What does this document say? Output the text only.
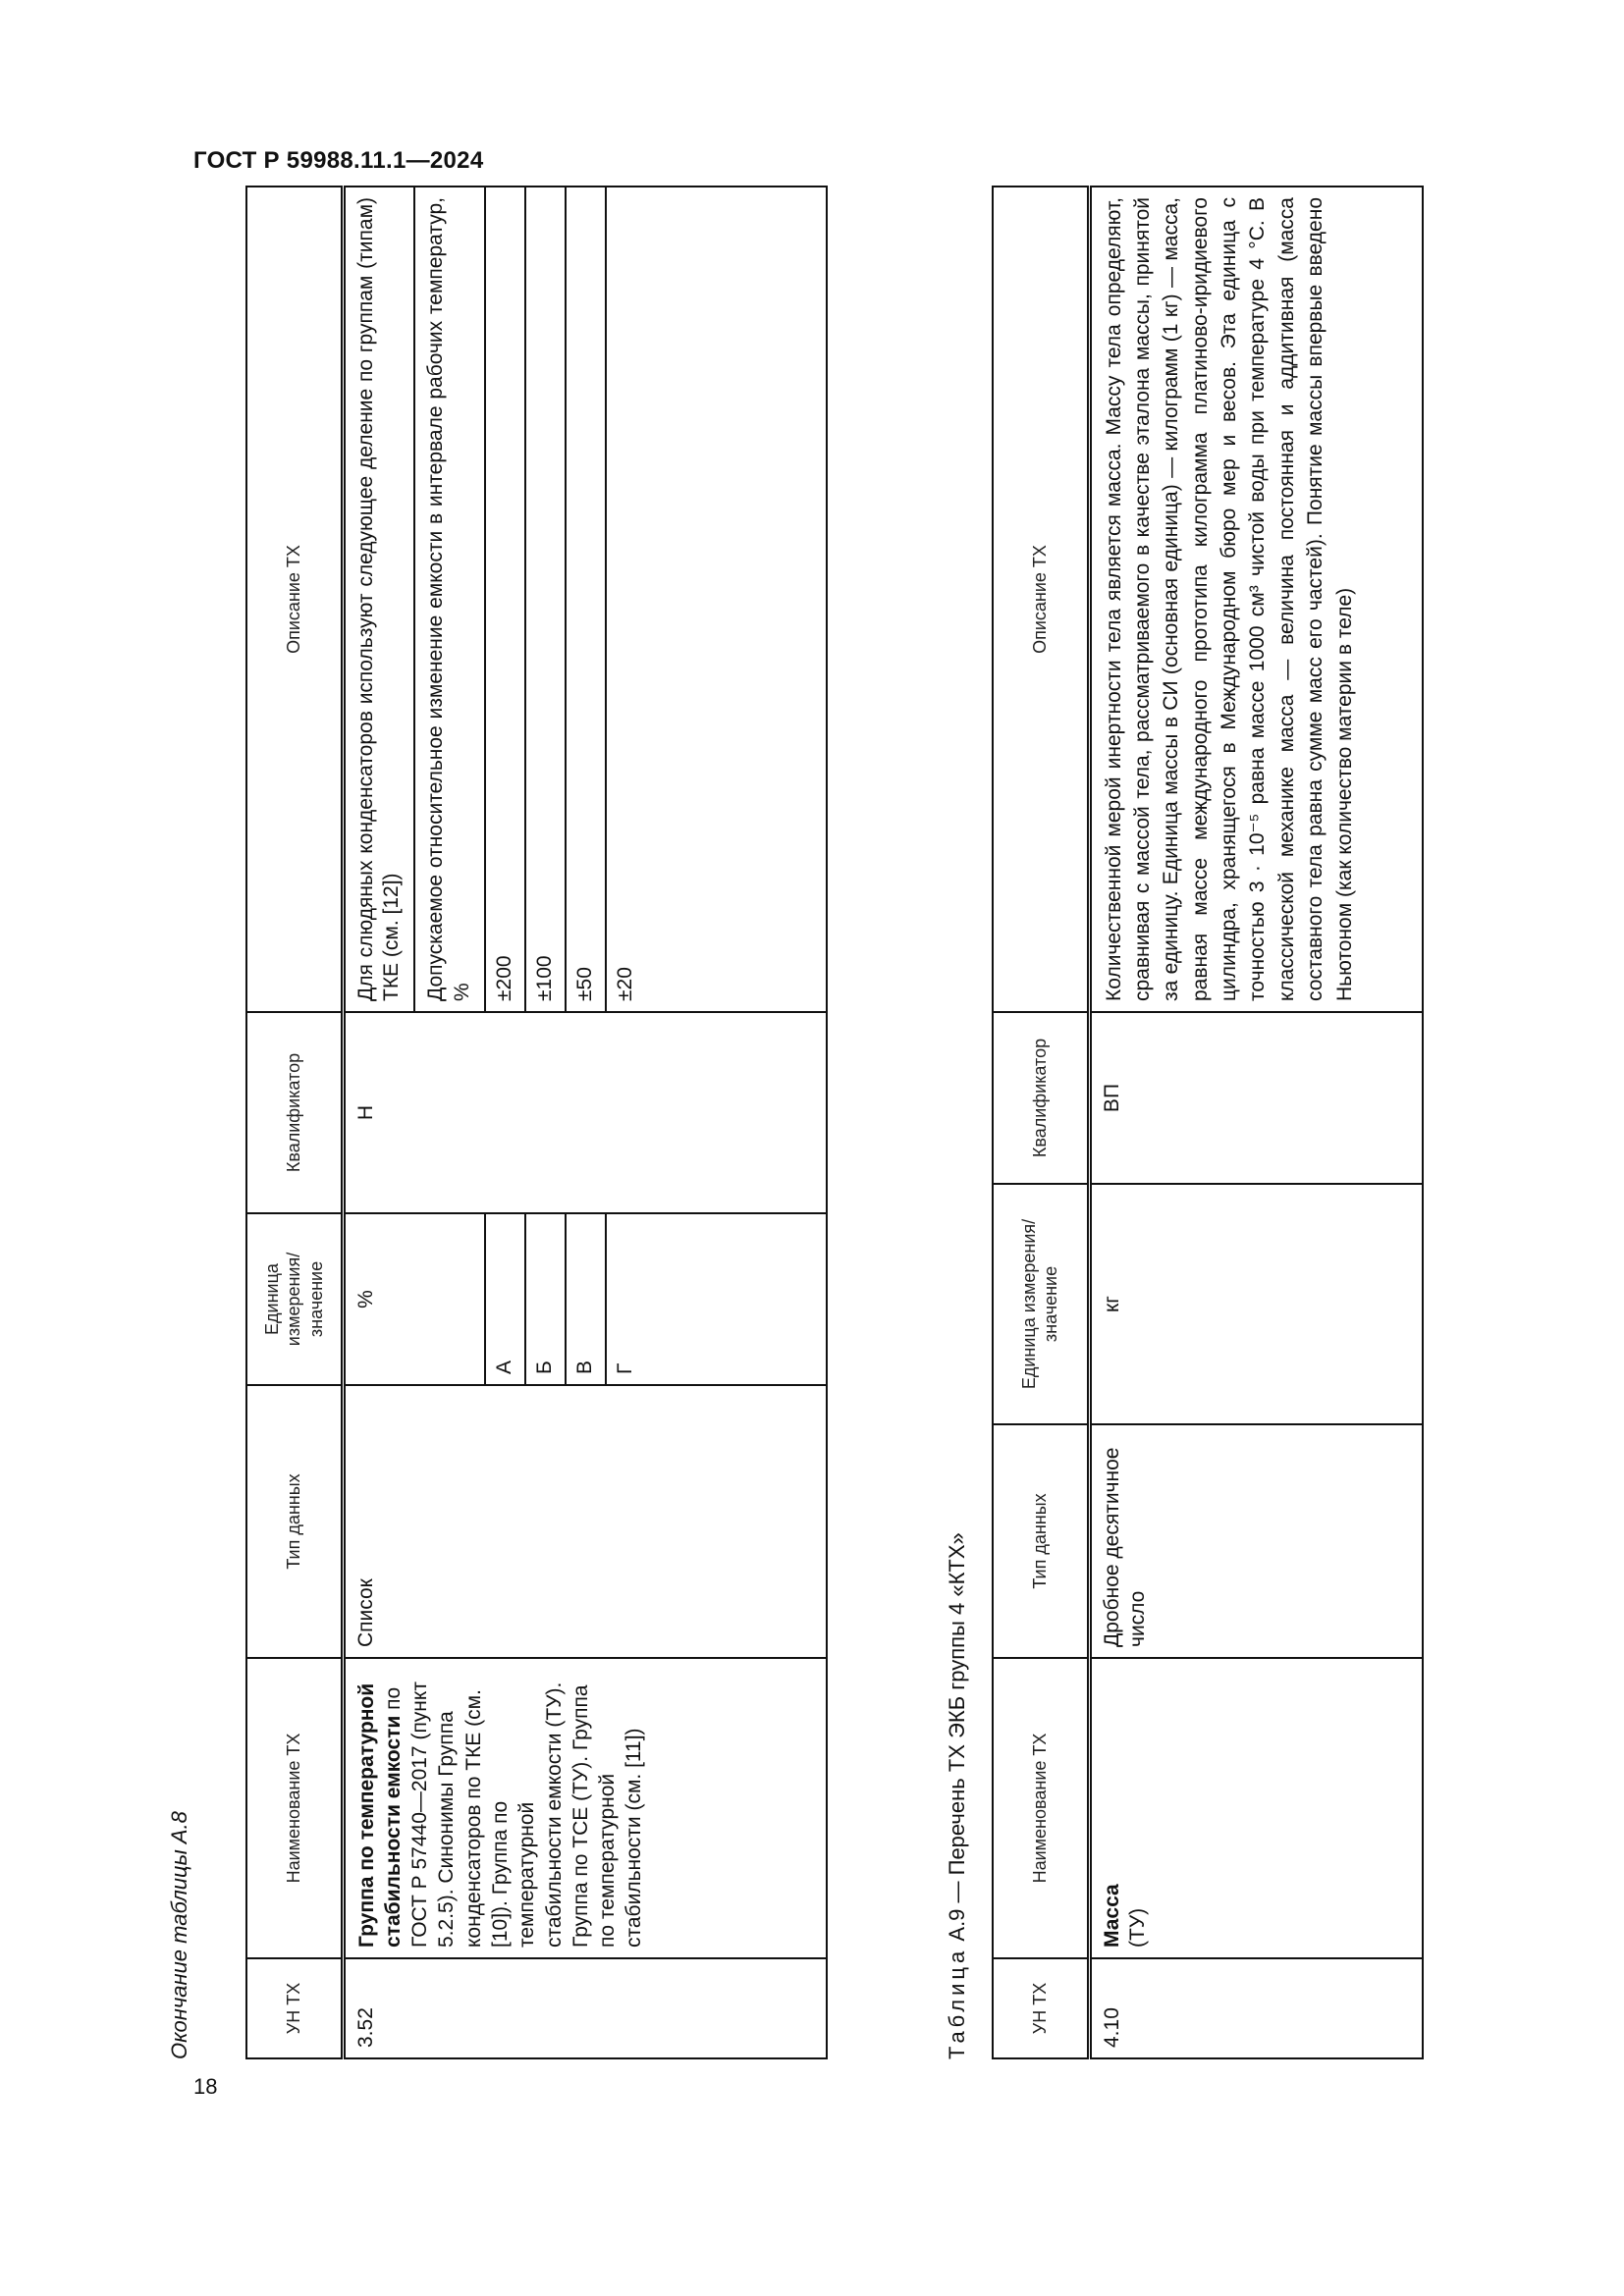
ГОСТ Р 59988.11.1—2024
18
Окончание таблицы А.8	УН ТХ	Наименование ТХ	Тип данных	Единица измерения/ значение	Квалификатор	Описание ТХ
3.52	Группа по температурной стабильности емкости по ГОСТ Р 57440—2017 (пункт 5.2.5). Синонимы Группа конденсаторов по ТКЕ (см. [10]). Группа по температурной стабильности емкости (ТУ). Группа по ТСЕ (ТУ). Группа по температурной стабильности (см. [11])	Список	%	Н	Для слюдяных конденсаторов используют следующее деление по группам (типам) ТКЕ (см. [12])
					Допускаемое относительное изменение емкости в интервале рабочих температур, %
			А		±200
			Б		±100
			В		±50
			Г		±20
Таблица А.9 — Перечень ТХ ЭКБ группы 4 «КТХ»
УН ТХ	Наименование ТХ	Тип данных	Единица измерения/ значение	Квалификатор	Описание ТХ
4.10	Масса (ТУ)	Дробное десятичное число	кг	ВП	Количественной мерой инертности тела является масса. Массу тела определяют, сравнивая с массой тела, рассматриваемого в качестве эталона массы, принятой за единицу. Единица массы в СИ (основная единица) — килограмм (1 кг) — масса, равная массе международного прототипа килограмма платиново-иридиевого цилиндра, хранящегося в Международном бюро мер и весов. Эта единица с точностью 3 · 10⁻⁵ равна массе 1000 см³ чистой воды при температуре 4 °С. В классической механике масса — величина постоянная и аддитивная (масса составного тела равна сумме масс его частей). Понятие массы впервые введено Ньютоном (как количество материи в теле)
